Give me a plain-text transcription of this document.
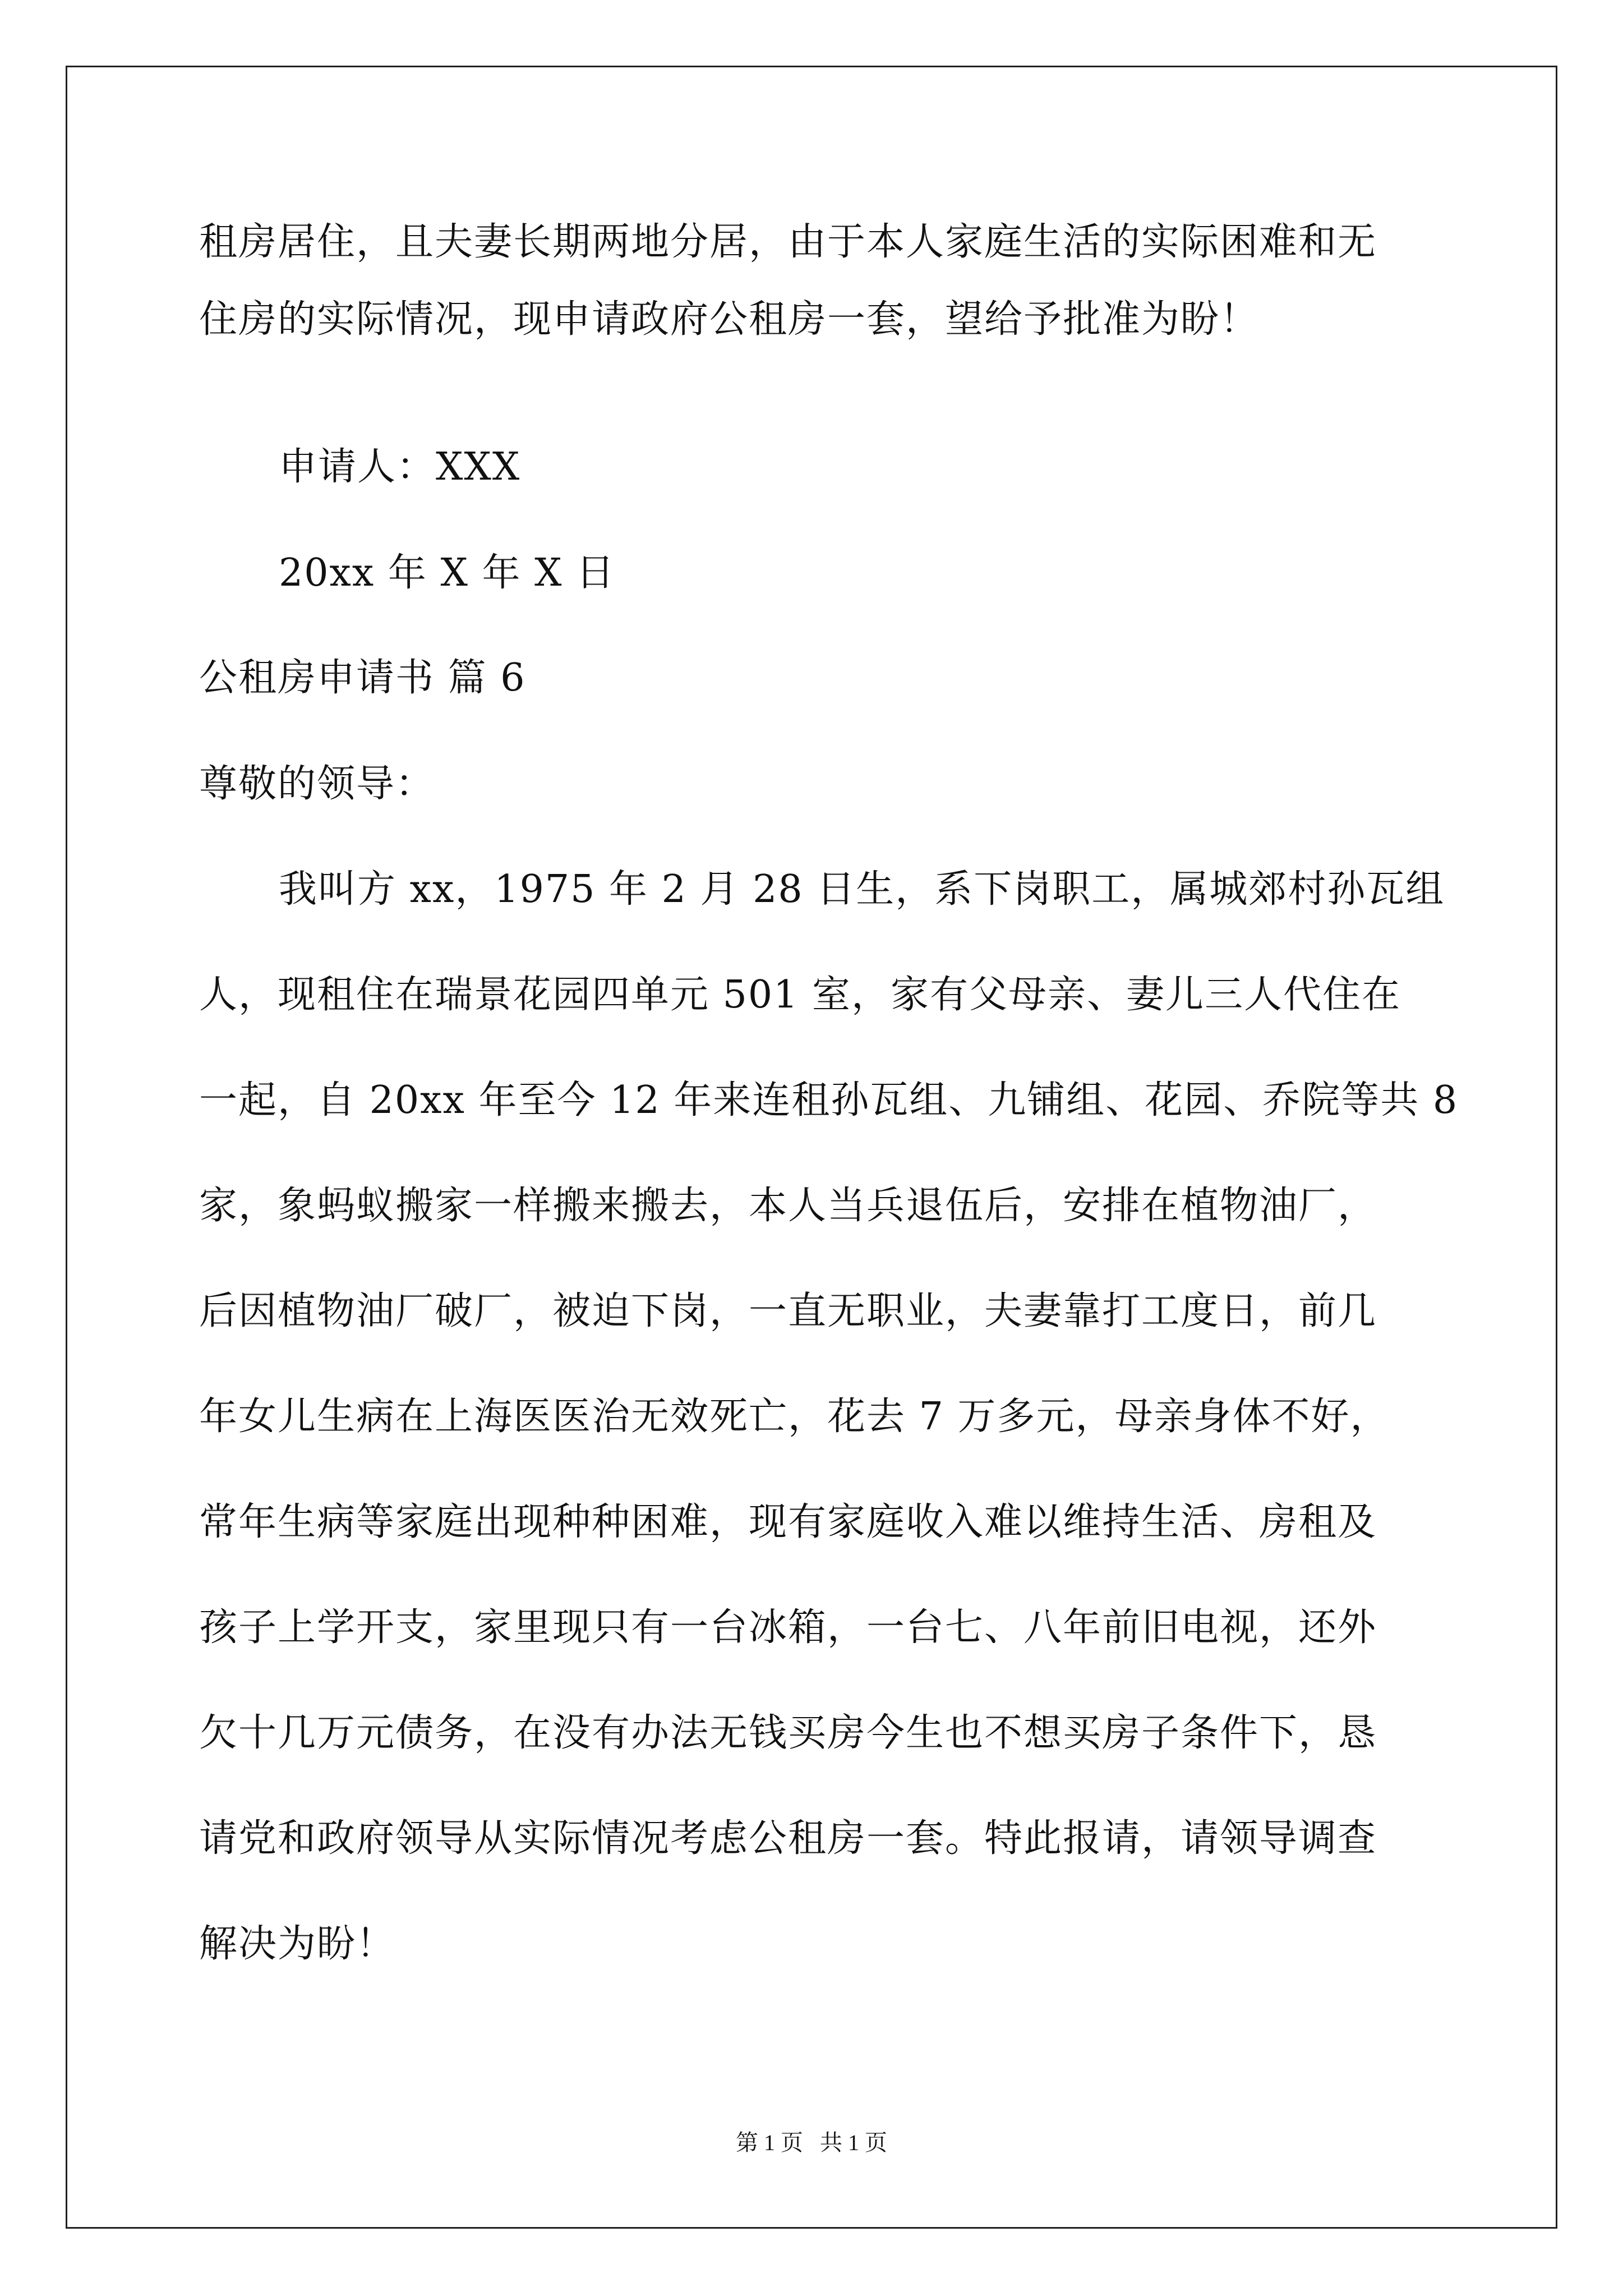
租房居住，且夫妻长期两地分居，由于本人家庭生活的实际困难和无
住房的实际情况，现申请政府公租房一套，望给予批准为盼！
申请人：XXX
20xx 年 X 年 X 日
公租房申请书 篇 6
尊敬的领导：
我叫方 xx，1975 年 2 月 28 日生，系下岗职工，属城郊村孙瓦组
人，现租住在瑞景花园四单元 501 室，家有父母亲、妻儿三人代住在
一起，自 20xx 年至今 12 年来连租孙瓦组、九铺组、花园、乔院等共 8
家，象蚂蚁搬家一样搬来搬去，本人当兵退伍后，安排在植物油厂，
后因植物油厂破厂，被迫下岗，一直无职业，夫妻靠打工度日，前几
年女儿生病在上海医医治无效死亡，花去 7 万多元，母亲身体不好，
常年生病等家庭出现种种困难，现有家庭收入难以维持生活、房租及
孩子上学开支，家里现只有一台冰箱，一台七、八年前旧电视，还外
欠十几万元债务，在没有办法无钱买房今生也不想买房子条件下，恳
请党和政府领导从实际情况考虑公租房一套。特此报请，请领导调查
解决为盼！
第 1 页   共 1 页
